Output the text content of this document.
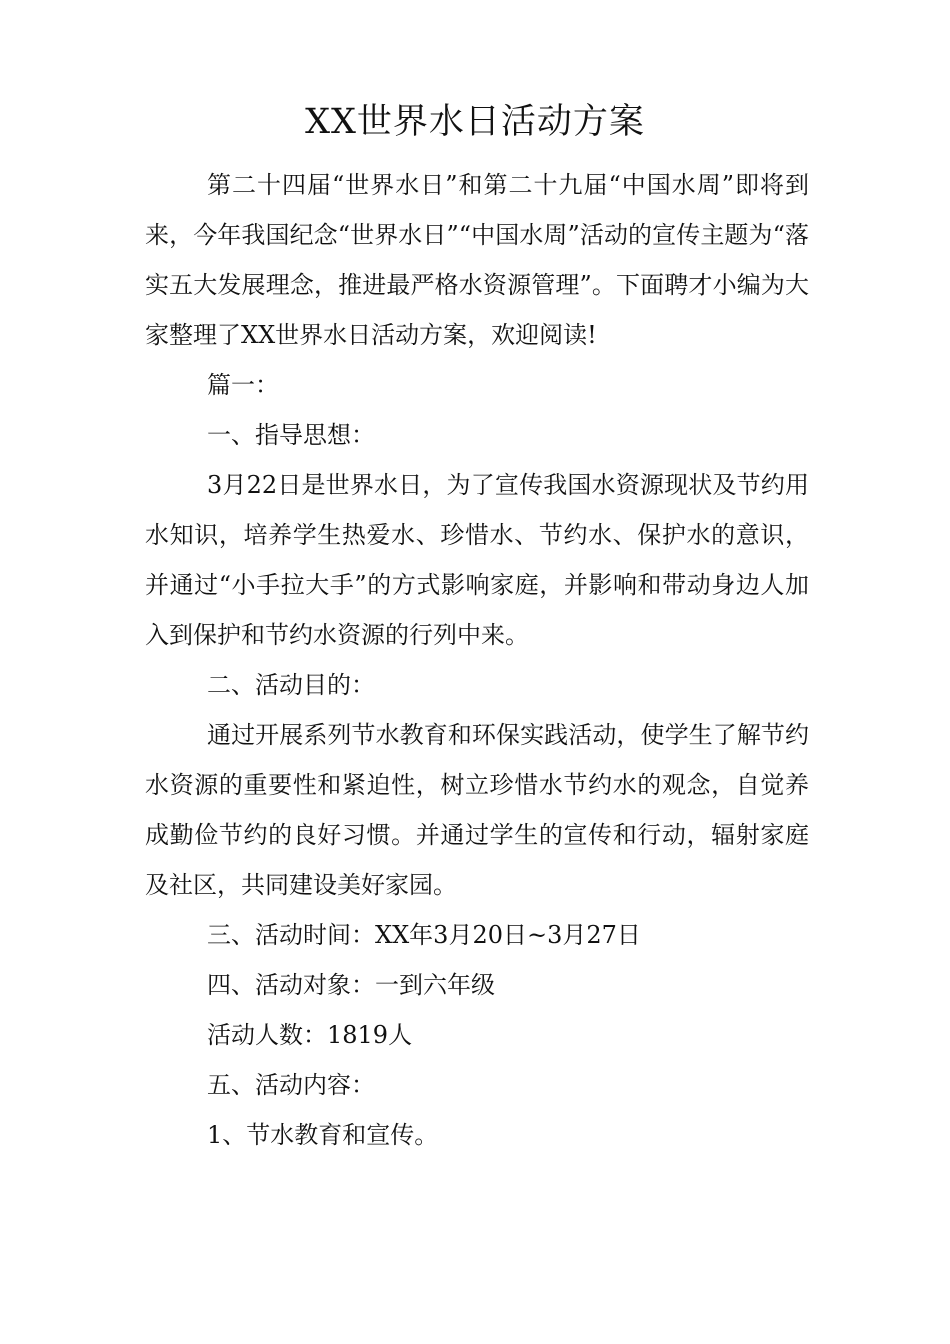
XX世界水日活动方案

第二十四届“世界水日”和第二十九届“中国水周”即将到来，今年我国纪念“世界水日”“中国水周”活动的宣传主题为“落实五大发展理念，推进最严格水资源管理”。下面聘才小编为大家整理了XX世界水日活动方案，欢迎阅读!

篇一：

一、指导思想：

3月22日是世界水日，为了宣传我国水资源现状及节约用水知识，培养学生热爱水、珍惜水、节约水、保护水的意识，并通过“小手拉大手”的方式影响家庭，并影响和带动身边人加入到保护和节约水资源的行列中来。

二、活动目的：

通过开展系列节水教育和环保实践活动，使学生了解节约水资源的重要性和紧迫性，树立珍惜水节约水的观念，自觉养成勤俭节约的良好习惯。并通过学生的宣传和行动，辐射家庭及社区，共同建设美好家园。

三、活动时间：XX年3月20日~3月27日

四、活动对象：一到六年级

活动人数：1819人

五、活动内容：

1、节水教育和宣传。
